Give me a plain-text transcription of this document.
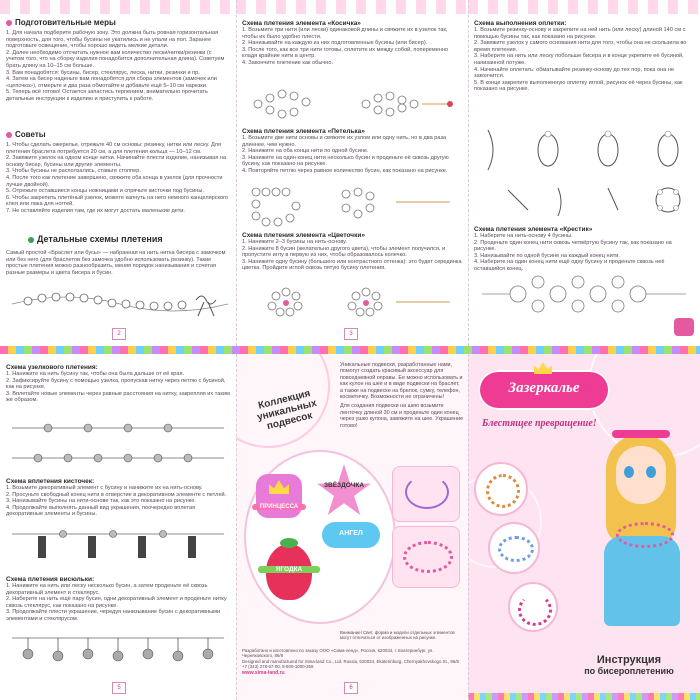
Подготовительные меры

1. Для начала подберите рабочую зону. Это должна быть ровная горизонтальная поверхность, для того, чтобы бусины не укатились и не упали на пол. Заранее подготовьте освещение, чтобы хорошо видеть мелкие детали.

2. Далее необходимо отсчитать нужное вам количество лески/нитки/резинки (с учетом того, что на сборку изделия понадобится дополнительная длина). Советуем брать длину на 10–15 см больше.

3. Вам понадобятся: бусины, бисер, стеклярус, леска, нитки, резинки и пр.

4. Затем на бисер наденьте вам понадобятся для сбора элементов (замочек или «цепочка»), отмерьте и два раза обмотайте и добавьте ещё 5–10 см нарезки.

5. Теперь всё готово! Остается запастись терпением, внимательно прочитать детальные инструкции к изделию и приступить к работе.

Советы

1. Чтобы сделать ожерелье, отрежьте 40 см основы: резинку, нитки или леску. Для плетения браслета потребуется 20 см, а для плетения кольца — 10–12 см.

2. Завяжите узелок на одном конце нитки. Начинайте плести изделие, нанизывая на основу бисер, бусины или другие элементы.

3. Чтобы бусины не расползались, ставьте стоппер.

4. После того как плетение завершено, свяжите оба конца в узелок (для прочности лучше двойной).

5. Отрежьте оставшиеся концы ножницами и спрячьте кисточки под бусины.

6. Чтобы закрепить плетёный узелок, можете капнуть на него немного канцелярского клея или лака для ногтей.

7. Не оставляйте изделия там, где их могут достать маленькие дети.

Детальные схемы плетения

Самый простой «Браслет или бусы» — набранная на нить нитка бисера с замочком или без него (для браслетов без замочка удобно использовать резинку). Такие простые плетения можно разнообразить, меняя порядок нанизывания и сочетая разные размеры и цвета бисера и бусин.

2

Схема плетения элемента «Косичка»

1. Возьмите три нити (или лески) одинаковой длины и свяжите их в узелок так, чтобы их было удобно плести.

2. Нанизывайте на каждую из них подготовленные бусины (или бисер).

3. После того, как все три нити готовы, сплетите их между собой, попеременно кладя крайние нити в центр.

4. Закончите плетение как обычно.

Схема плетения элемента «Петелька»

1. Возьмите две нити основы и свяжите их узлом или одну нить, но в два раза длиннее, чем нужно.

2. Нанижите на оба конца нити по одной бусине.

3. Нанижите на один конец нити несколько бусин и проденьте её сквозь другую бусину, как показано на рисунке.

4. Повторяйте петлю через равное количество бусин, как показано на рисунке.

Схема плетения элемента «Цветочки»

1. Нанижите 2–3 бусины на нить-основу.

2. Нанижите 8 бусин (желательно другого цвета), чтобы элемент получился, и пропустите иглу в первую из них, чтобы образовалось колечко.

3. Нанижите одну бусину (большего или контрастного оттенка): это будет серединка цветка. Пройдите иглой сквозь пятую бусину плетения.

3

Схема выполнения оплетки:

1. Возьмите резинку-основу и закрепите на ней нить (или леску) длиной 140 см с помощью бусины так, как показано на рисунке.

2. Завяжите узелок у самого основания нити для того, чтобы она не скользила во время плетения.

3. Наберите на нить или леску побольше бисера и в конце укрепите её бусиной, нанизанной потуже.

4. Начинайте оплетать: обматывайте резинку-основу до тех пор, пока она не закончится.

5. В конце закрепите выполненную оплетку иглой, рисунок её через бусины, как показано на рисунке.

Схема плетения элемента «Крестик»

1. Наберите на нить-основу 4 бусины.

2. Проденьте один конец нити сквозь четвёртую бусину так, как показано на рисунке.

3. Нанизывайте по одной бусине на каждый конец нити.

4. Наберите на один конец нити ещё одну бусину и проденьте сквозь неё оставшийся конец.

Схема узелкового плетения:

1. Нанижите на нить бусину так, чтобы она была дальше от её края.

2. Зафиксируйте бусину с помощью узелка, пропускав нитку через петлю с бусиной, как на рисунке.

3. Вплетайте новые элементы через равные расстояния на нитку, закрепляя их таким же образом.

Схема вплетения кисточек:

1. Возьмите декоративный элемент с бусину и нанижите их на нить-основу.

2. Просуньте свободный конец нити в отверстие в декоративном элементе с петлей.

3. Нанизывайте бусины на нити-основе так, как это показано на рисунке.

4. Продолжайте выполнять данный вид украшения, поочередно вплетая декоративные элементы и бусины.

Схема плетения висюльки:

1. Нанижите на нить или леску несколько бусин, а затем проденьте её сквозь декоративный элемент и стеклярус.

2. Наберите на нить ещё пару бусин, одни декоративный элемент и проденьте нитку сквозь стеклярус, как показано на рисунке.

3. Продолжайте плести украшение, чередуя нанизывание бусин с декоративными элементами и стеклярусом.

5
Коллекция уникальных подвесок

Уникальные подвески, разработанные нами, помогут создать красивый аксессуар для повседневной оправы. Ее можно использовать и как кулон на шее и в виде подвески на браслет, а также на подвеске на брелок, сумку, телефон, косметичку. Возможности не ограничены!

Для создания подвески на шею возьмите ленточку длиной 30 см и проденьте один конец через ушко кулона, завяжите на шее. Украшение готово!

ПРИНЦЕССА
ЗВЁЗДОЧКА
АНГЕЛ
ЯГОДКА

Внимание! Свет, форма и модели отдельных элементов могут отличаться от изображенных на рисунке.

Разработано и изготовлено по заказу ООО «Сима-ленд», Россия, 620034, г. Екатеринбург, ул. Черняховского, 86/8

Designed and manufactured for Sima-land Co., Ltd. Russia, 620034, Ekaterinburg, Chernyakhovskogo St., 86/8

+7 (343) 278-67-00, 8-800-1000-266

www.sima-land.ru

6
Зазеркалье
Блестящее превращение!
Инструкция
по бисероплетению
